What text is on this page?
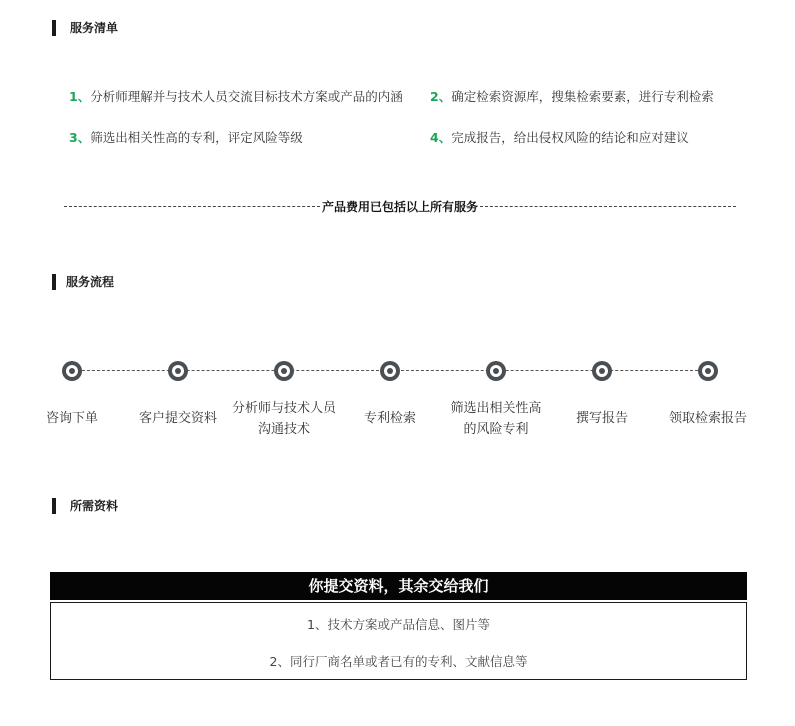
服务清单
1、分析师理解并与技术人员交流目标技术方案或产品的内涵 2、确定检索资源库，搜集检索要素，进行专利检索
3、筛选出相关性高的专利，评定风险等级	4、完成报告，给出侵权风险的结论和应对建议
产品费用已包括以上所有服务
服务流程
咨询下单	客户提交资料
分析师与技术人员
沟通技术
专利检索
筛选出相关性高
的风险专利
撰写报告	领取检索报告
所需资料
你提交资料，其余交给我们
1、技术方案或产品信息、图片等
2、同行厂商名单或者已有的专利、文献信息等
